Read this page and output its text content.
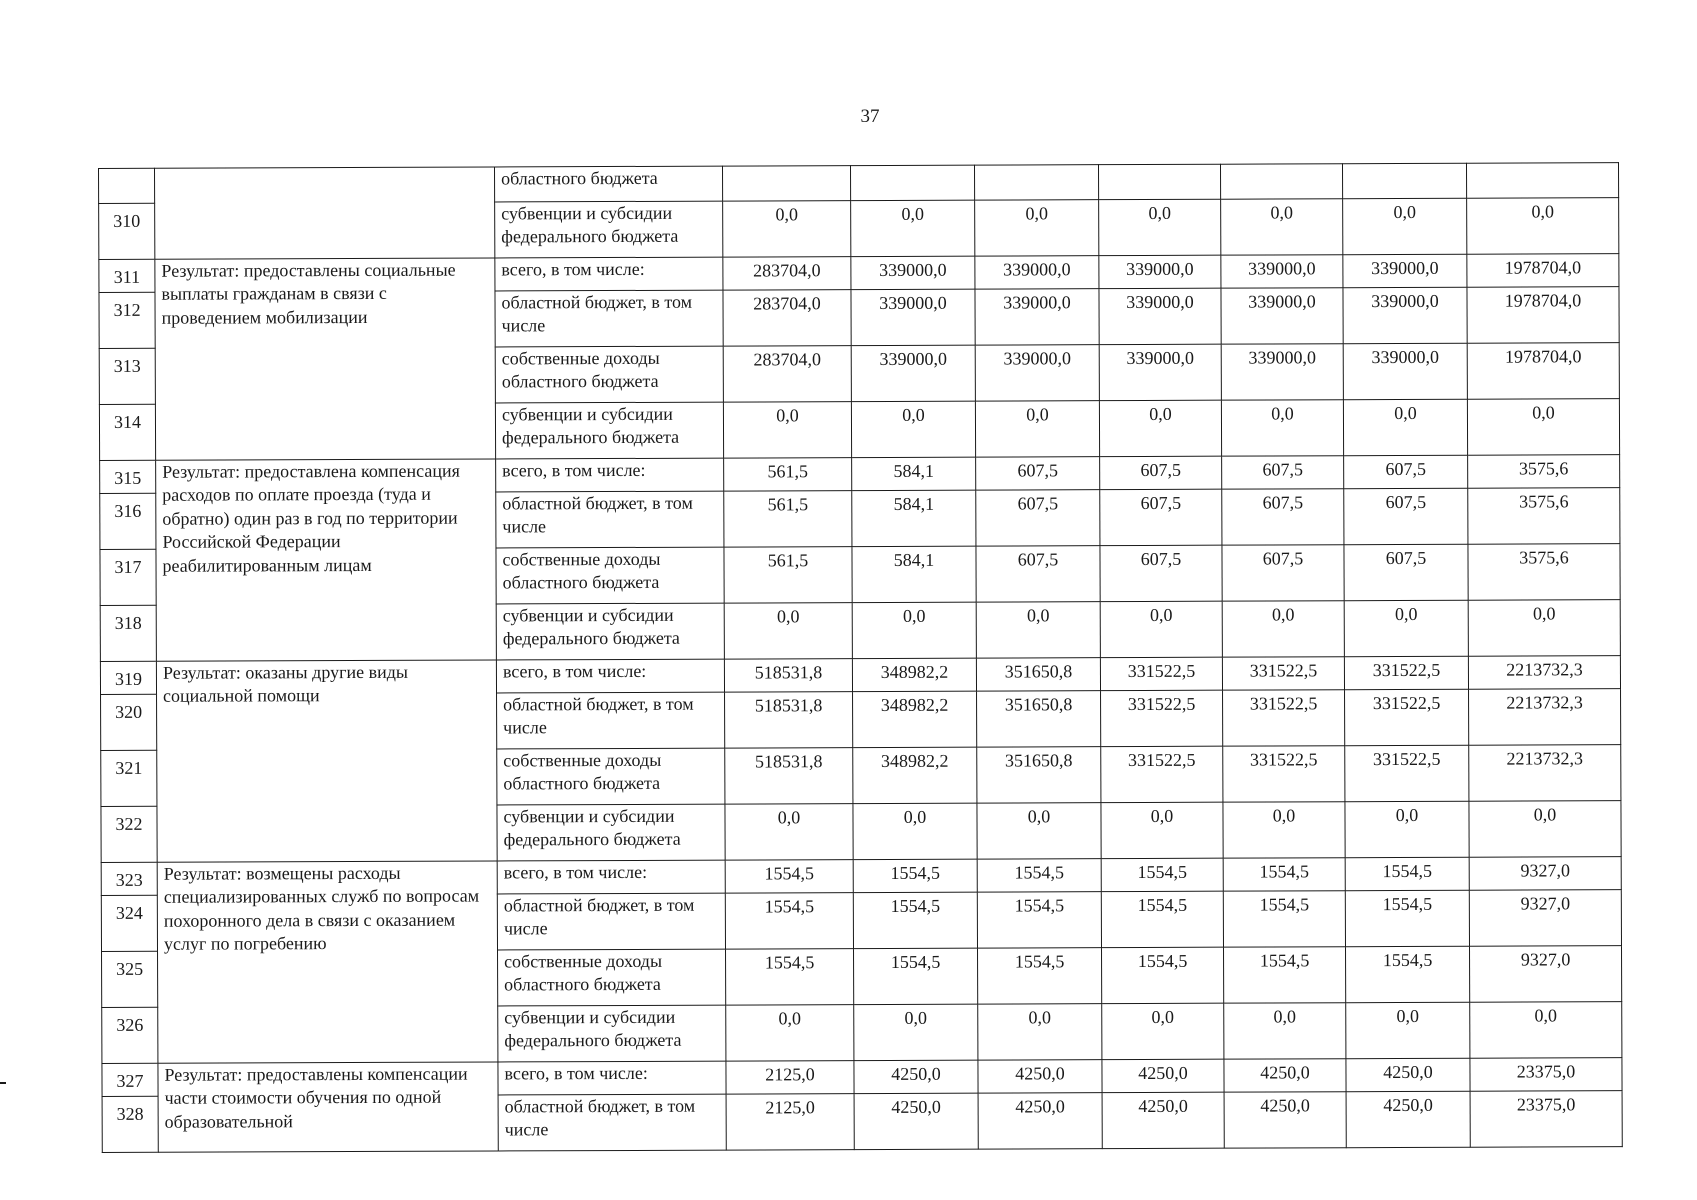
37
		областного бюджета							
310		субвенции и субсидии федерального бюджета	0,0	0,0	0,0	0,0	0,0	0,0	0,0
311	Результат: предоставлены социальные выплаты гражданам в связи с проведением мобилизации	всего, в том числе:	283704,0	339000,0	339000,0	339000,0	339000,0	339000,0	1978704,0
312		областной бюджет, в том числе	283704,0	339000,0	339000,0	339000,0	339000,0	339000,0	1978704,0
313		собственные доходы областного бюджета	283704,0	339000,0	339000,0	339000,0	339000,0	339000,0	1978704,0
314		субвенции и субсидии федерального бюджета	0,0	0,0	0,0	0,0	0,0	0,0	0,0
315	Результат: предоставлена компенсация расходов по оплате проезда (туда и обратно) один раз в год по территории Российской Федерации реабилитированным лицам	всего, в том числе:	561,5	584,1	607,5	607,5	607,5	607,5	3575,6
316		областной бюджет, в том числе	561,5	584,1	607,5	607,5	607,5	607,5	3575,6
317		собственные доходы областного бюджета	561,5	584,1	607,5	607,5	607,5	607,5	3575,6
318		субвенции и субсидии федерального бюджета	0,0	0,0	0,0	0,0	0,0	0,0	0,0
319	Результат: оказаны другие виды социальной помощи	всего, в том числе:	518531,8	348982,2	351650,8	331522,5	331522,5	331522,5	2213732,3
320		областной бюджет, в том числе	518531,8	348982,2	351650,8	331522,5	331522,5	331522,5	2213732,3
321		собственные доходы областного бюджета	518531,8	348982,2	351650,8	331522,5	331522,5	331522,5	2213732,3
322		субвенции и субсидии федерального бюджета	0,0	0,0	0,0	0,0	0,0	0,0	0,0
323	Результат: возмещены расходы специализированных служб по вопросам похоронного дела в связи с оказанием услуг по погребению	всего, в том числе:	1554,5	1554,5	1554,5	1554,5	1554,5	1554,5	9327,0
324		областной бюджет, в том числе	1554,5	1554,5	1554,5	1554,5	1554,5	1554,5	9327,0
325		собственные доходы областного бюджета	1554,5	1554,5	1554,5	1554,5	1554,5	1554,5	9327,0
326		субвенции и субсидии федерального бюджета	0,0	0,0	0,0	0,0	0,0	0,0	0,0
327	Результат: предоставлены компенсации части стоимости обучения по одной образовательной	всего, в том числе:	2125,0	4250,0	4250,0	4250,0	4250,0	4250,0	23375,0
328		областной бюджет, в том числе	2125,0	4250,0	4250,0	4250,0	4250,0	4250,0	23375,0
